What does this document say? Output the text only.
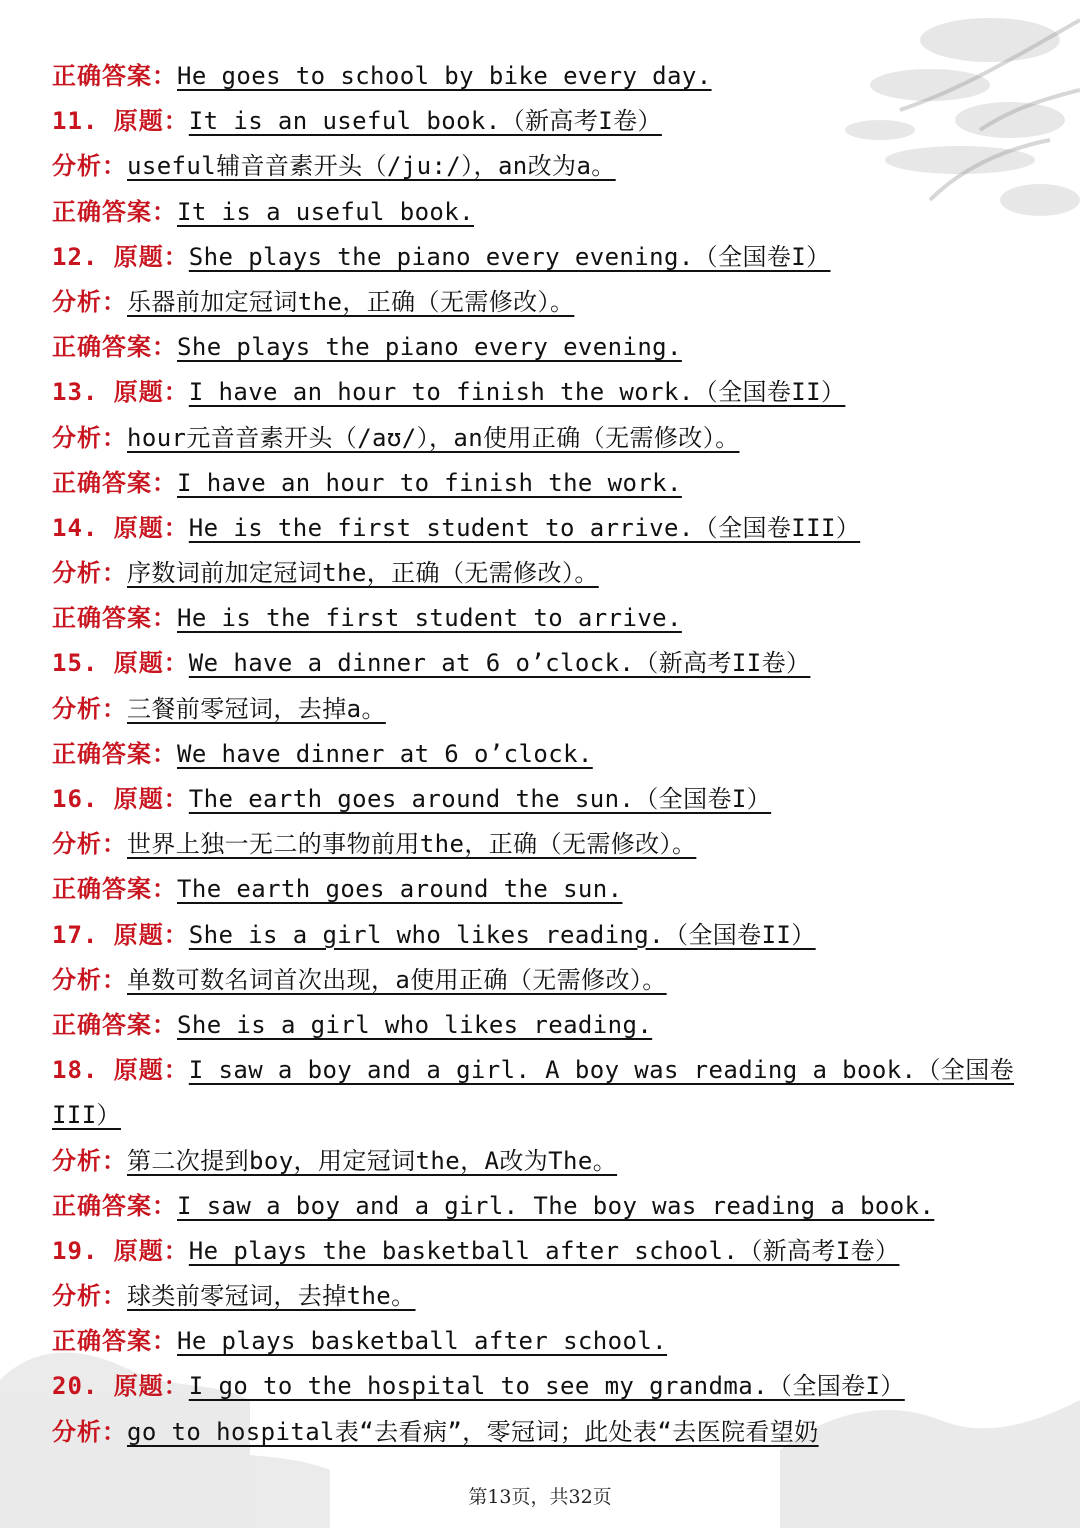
正确答案：He goes to school by bike every day.
11. 原题：It is an useful book.（新高考I卷）
分析：useful辅音音素开头（/ju:/），an改为a。
正确答案：It is a useful book.
12. 原题：She plays the piano every evening.（全国卷I）
分析：乐器前加定冠词the，正确（无需修改）。
正确答案：She plays the piano every evening.
13. 原题：I have an hour to finish the work.（全国卷II）
分析：hour元音音素开头（/aʊ/），an使用正确（无需修改）。
正确答案：I have an hour to finish the work.
14. 原题：He is the first student to arrive.（全国卷III）
分析：序数词前加定冠词the，正确（无需修改）。
正确答案：He is the first student to arrive.
15. 原题：We have a dinner at 6 o’clock.（新高考II卷）
分析：三餐前零冠词，去掉a。
正确答案：We have dinner at 6 o’clock.
16. 原题：The earth goes around the sun.（全国卷I）
分析：世界上独一无二的事物前用the，正确（无需修改）。
正确答案：The earth goes around the sun.
17. 原题：She is a girl who likes reading.（全国卷II）
分析：单数可数名词首次出现，a使用正确（无需修改）。
正确答案：She is a girl who likes reading.
18. 原题：I saw a boy and a girl. A boy was reading a book.（全国卷III）
分析：第二次提到boy，用定冠词the，A改为The。
正确答案：I saw a boy and a girl. The boy was reading a book.
19. 原题：He plays the basketball after school.（新高考I卷）
分析：球类前零冠词，去掉the。
正确答案：He plays basketball after school.
20. 原题：I go to the hospital to see my grandma.（全国卷I）
分析：go to hospital表“去看病”，零冠词；此处表“去医院看望奶
第13页，共32页
